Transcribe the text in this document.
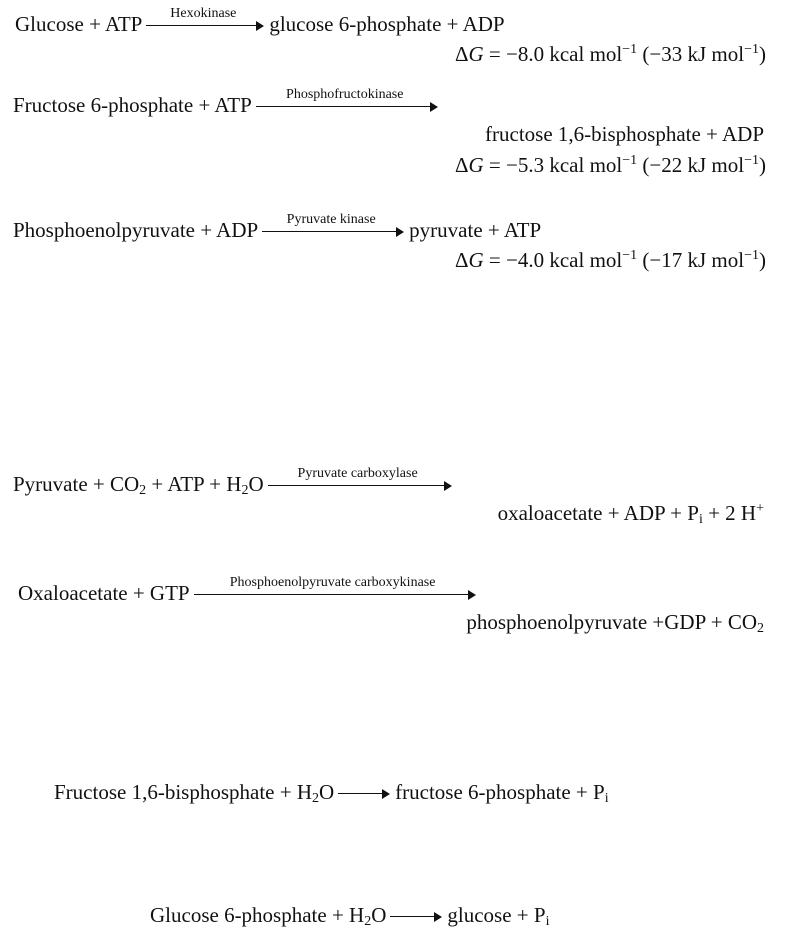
Glucose + ATP	Hexokinase	glucose 6-phosphate + ADP
ΔG = −8.0 kcal mol$^{-1}$ (−33 kJ mol$^{-1}$)
Fructose 6-phosphate + ATP	Phosphofructokinase
fructose 1,6-bisphosphate + ADP
ΔG = −5.3 kcal mol$^{-1}$ (−22 kJ mol$^{-1}$)
Phosphoenolpyruvate + ADP	Pyruvate kinase	pyruvate + ATP
ΔG = −4.0 kcal mol$^{-1}$ (−17 kJ mol$^{-1}$)
Pyruvate + $CO_2$ + ATP + $H_2O$	Pyruvate carboxylase
oxaloacetate + ADP + $P_i + 2$ H+
Oxaloacetate + GTP	Phosphoenolpyruvate carboxykinase
phosphoenolpyruvate $+GDP + CO_2$
Fructose 1,6-bisphosphate + $H_2O$	fructose 6-phosphate + $P_i$
Glucose 6-phosphate + $H_2O$	$glucose + P_i$
